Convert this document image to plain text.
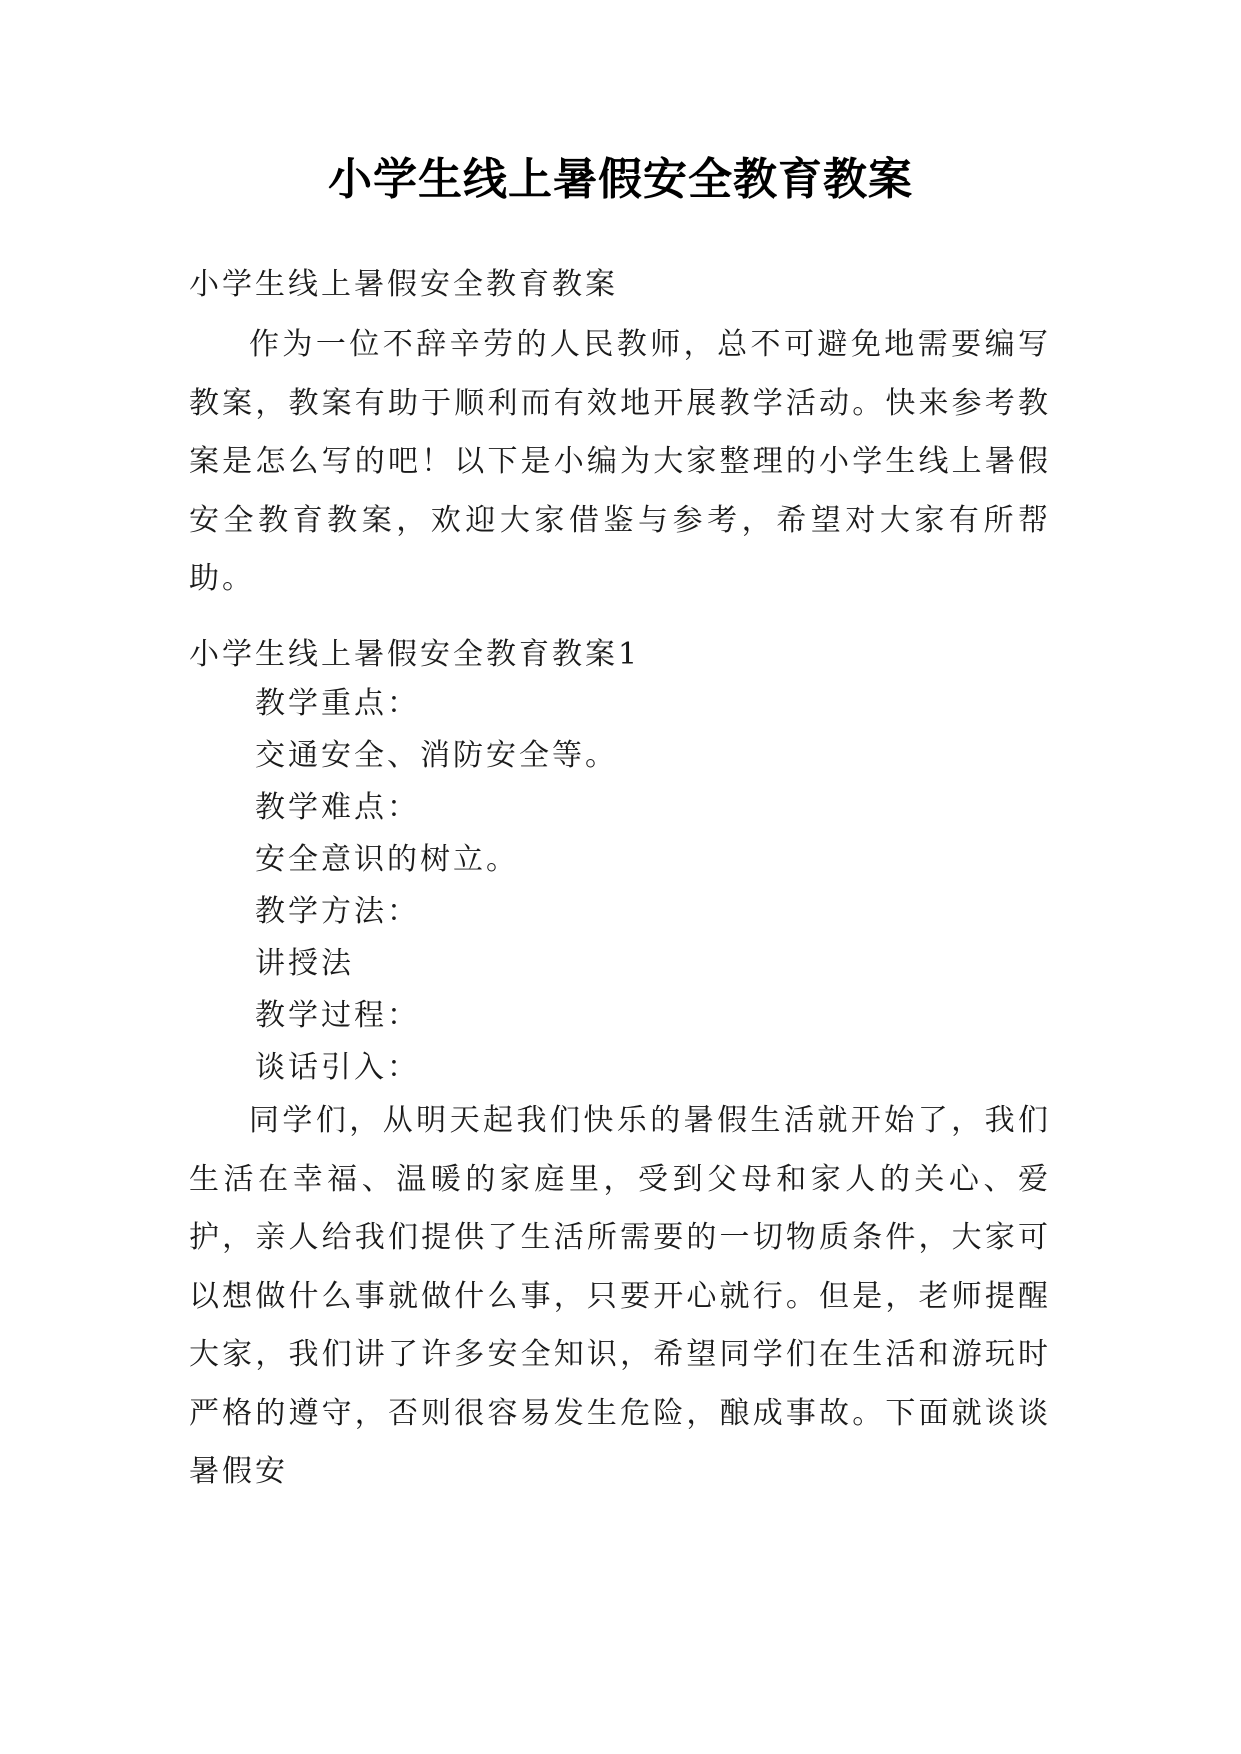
小学生线上暑假安全教育教案
小学生线上暑假安全教育教案

作为一位不辞辛劳的人民教师，总不可避免地需要编写教案，教案有助于顺利而有效地开展教学活动。快来参考教案是怎么写的吧！以下是小编为大家整理的小学生线上暑假安全教育教案，欢迎大家借鉴与参考，希望对大家有所帮助。

小学生线上暑假安全教育教案1

教学重点：

交通安全、消防安全等。

教学难点：

安全意识的树立。

教学方法：

讲授法

教学过程：

谈话引入：

同学们，从明天起我们快乐的暑假生活就开始了，我们生活在幸福、温暖的家庭里，受到父母和家人的关心、爱护，亲人给我们提供了生活所需要的一切物质条件，大家可以想做什么事就做什么事，只要开心就行。但是，老师提醒大家，我们讲了许多安全知识，希望同学们在生活和游玩时严格的遵守，否则很容易发生危险，酿成事故。下面就谈谈暑假安
